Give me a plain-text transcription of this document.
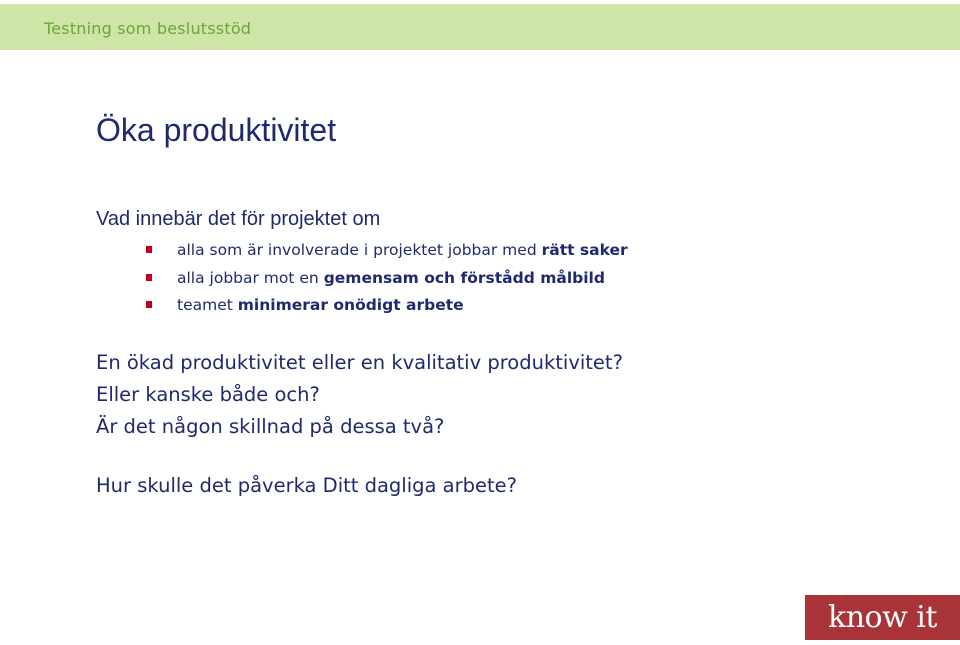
Testning som beslutsstöd
Öka produktivitet
Vad innebär det för projektet om
alla som är involverade i projektet jobbar med rätt saker
alla jobbar mot en gemensam och förstådd målbild
teamet minimerar onödigt arbete
En ökad produktivitet eller en kvalitativ produktivitet?
Eller kanske både och?
Är det någon skillnad på dessa två?
Hur skulle det påverka Ditt dagliga arbete?
know it
